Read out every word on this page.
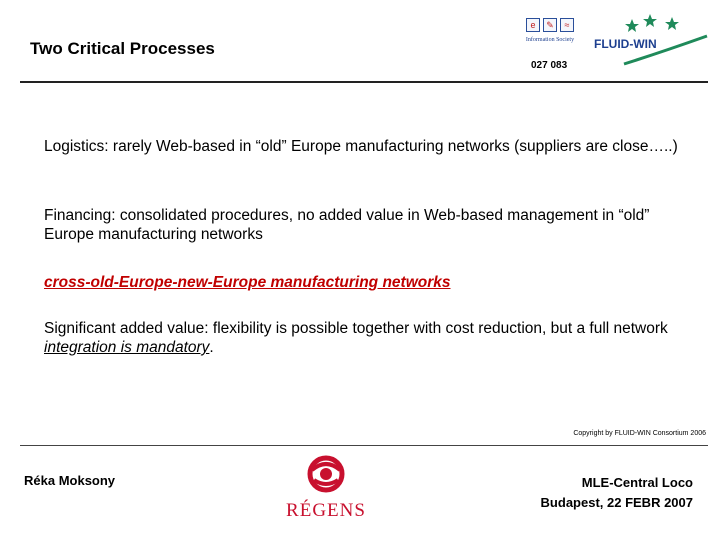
Two Critical Processes
e	✎	≈
Information Society
027 083
FLUID-WIN
Logistics: rarely Web-based in “old” Europe manufacturing networks (suppliers are close…..)
Financing: consolidated procedures, no added value in Web-based management in “old” Europe manufacturing networks
cross-old-Europe-new-Europe manufacturing networks
Significant added value: flexibility is possible together with cost reduction, but a full network integration is mandatory.
Copyright by FLUID-WIN Consortium 2006
Réka Moksony
RÉGENS
MLE-Central Loco
Budapest, 22 FEBR 2007
